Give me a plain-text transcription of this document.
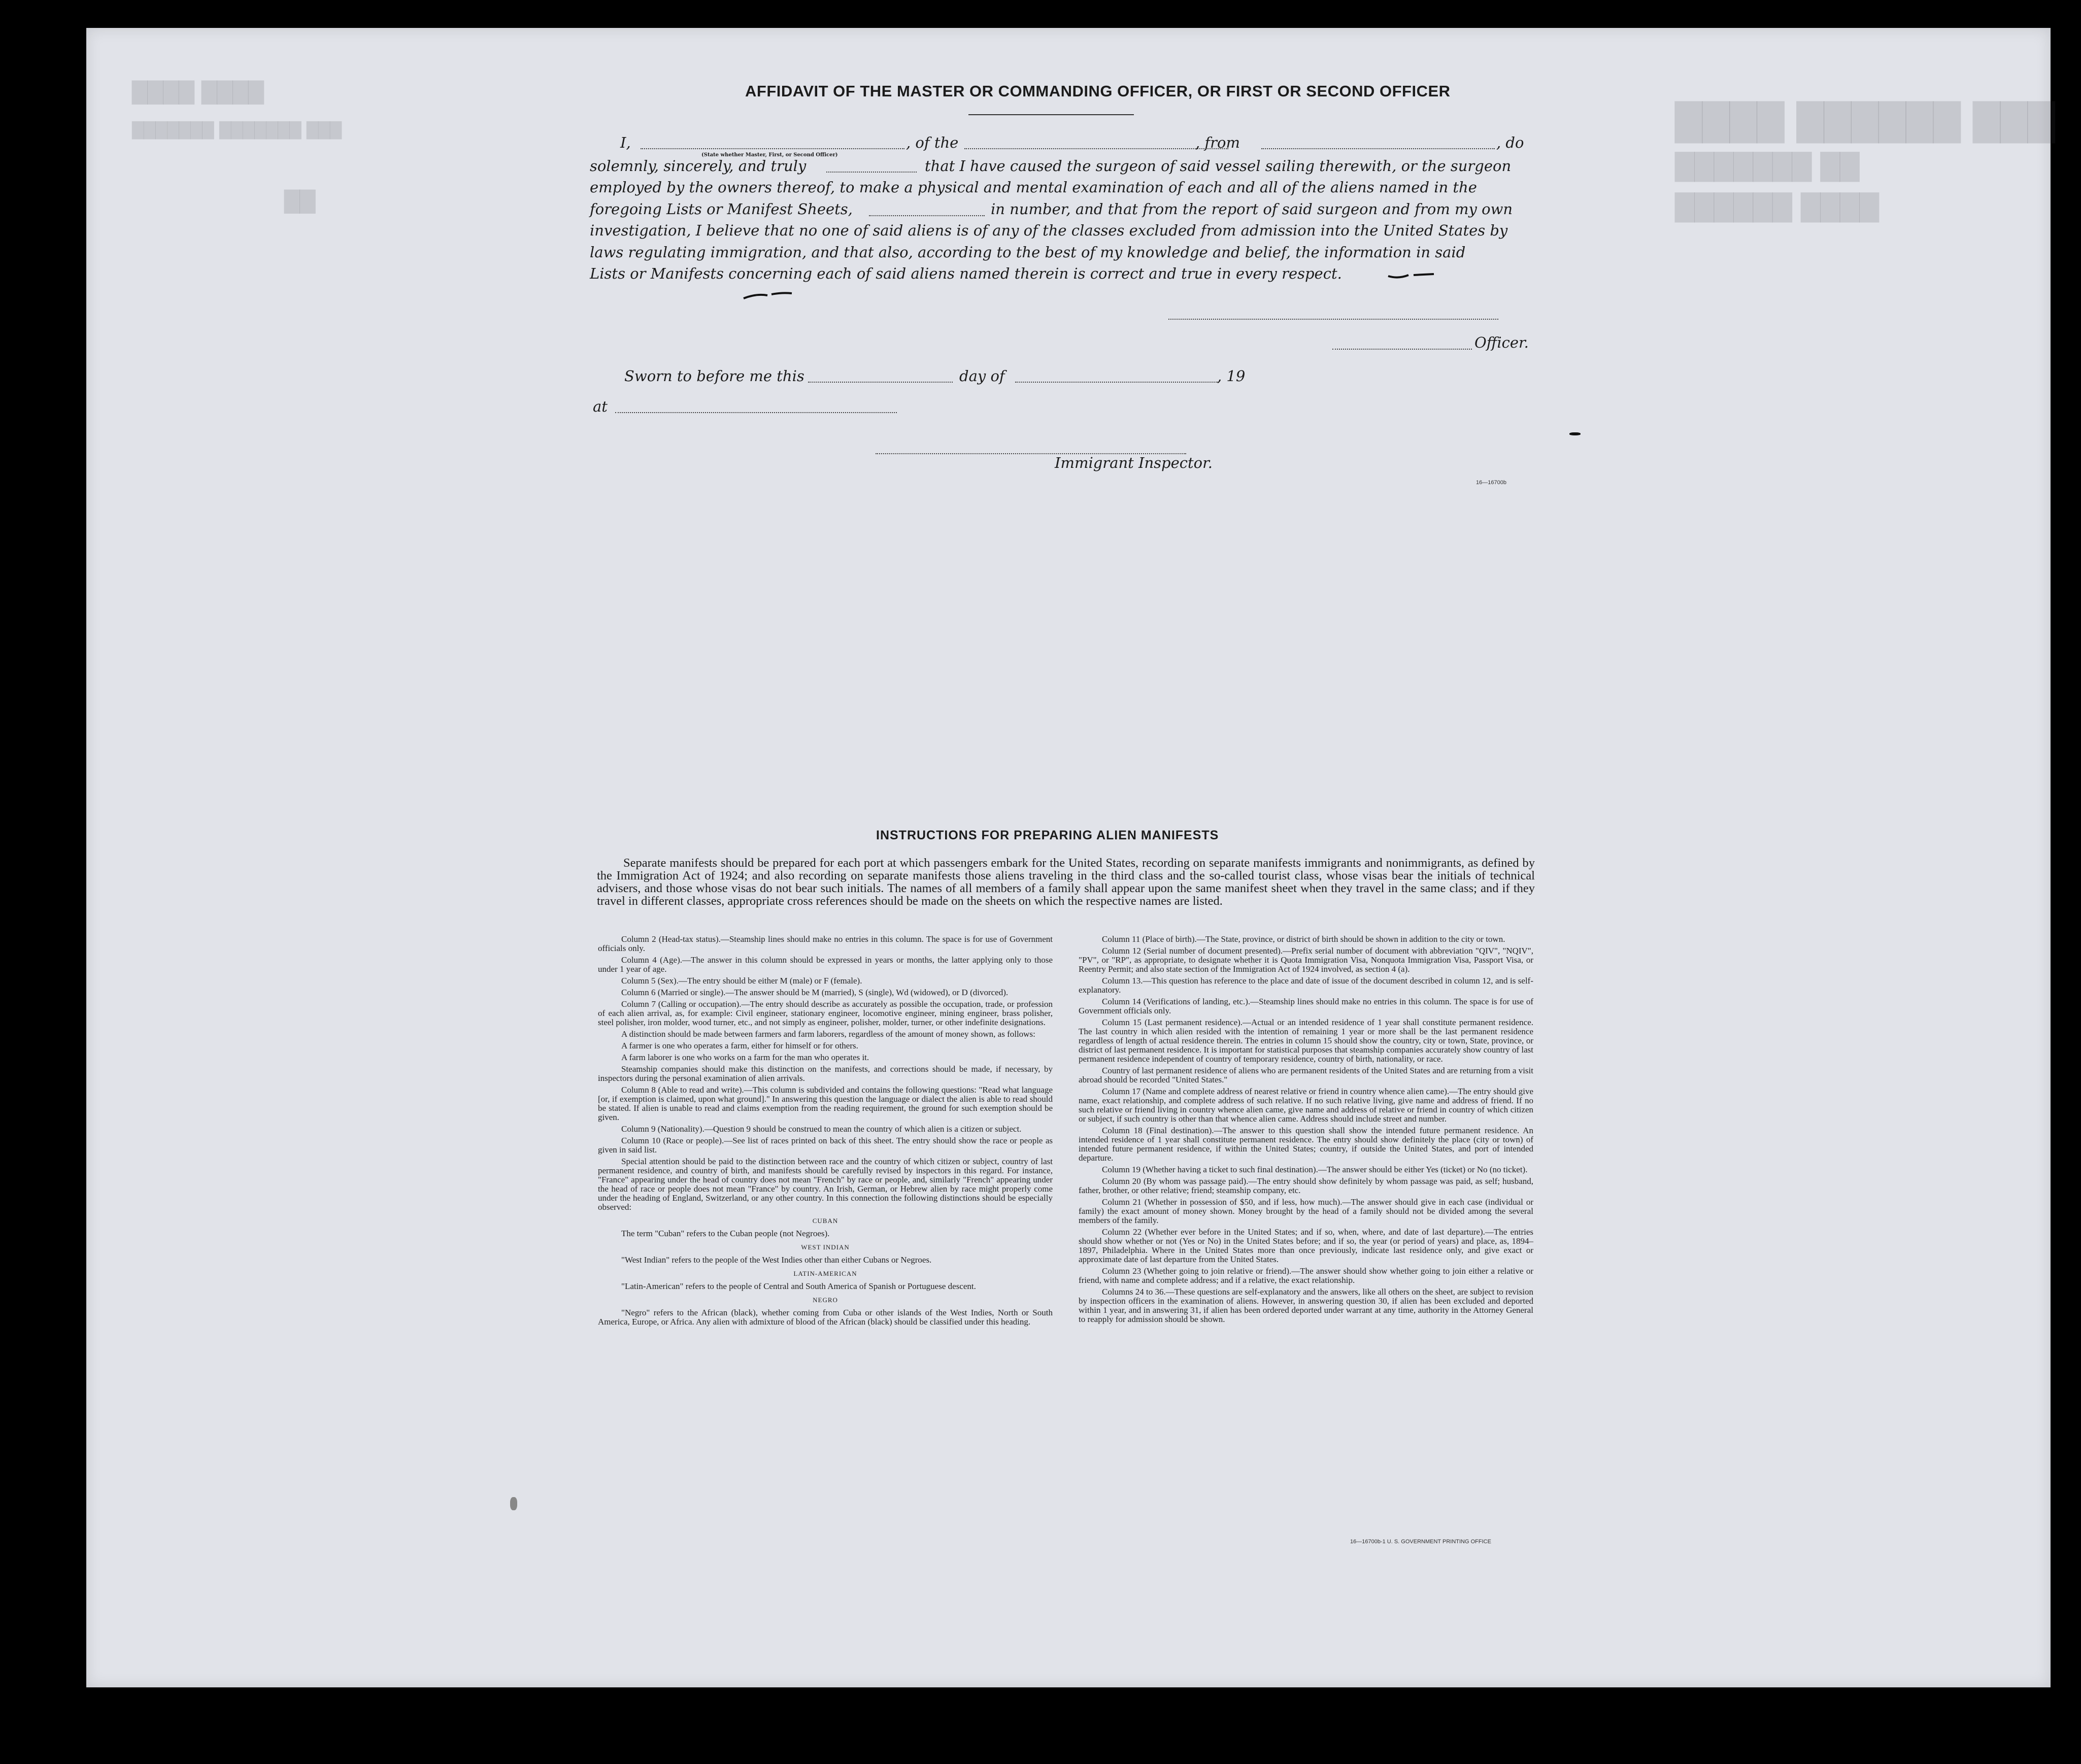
████ ██████ ███
███████ ██
██████ ████
████ ████
███████ ███████ ███
██
AFFIDAVIT OF THE MASTER OR COMMANDING OFFICER, OR FIRST OR SECOND OFFICER
I,	, of the	, from	, do
(State whether Master, First, or Second Officer)
solemnly, sincerely, and truly	that I have caused the surgeon of said vessel sailing therewith, or the surgeon
employed by the owners thereof, to make a physical and mental examination of each and all of the aliens named in the
foregoing Lists or Manifest Sheets,	in number, and that from the report of said surgeon and from my own
investigation, I believe that no one of said aliens is of any of the classes excluded from admission into the United States by
laws regulating immigration, and that also, according to the best of my knowledge and belief, the information in said
Lists or Manifests concerning each of said aliens named therein is correct and true in every respect.
Officer.
Sworn to before me this	day of	, 19
at
Immigrant Inspector.
16—16700b
INSTRUCTIONS FOR PREPARING ALIEN MANIFESTS

Separate manifests should be prepared for each port at which passengers embark for the United States, recording on separate manifests immigrants and nonimmigrants, as defined by the Immigration Act of 1924; and also recording on separate manifests those aliens traveling in the third class and the so-called tourist class, whose visas bear the initials of technical advisers, and those whose visas do not bear such initials. The names of all members of a family shall appear upon the same manifest sheet when they travel in the same class; and if they travel in different classes, appropriate cross references should be made on the sheets on which the respective names are listed.

Column 2 (Head-tax status).—Steamship lines should make no entries in this column. The space is for use of Government officials only.

Column 4 (Age).—The answer in this column should be expressed in years or months, the latter applying only to those under 1 year of age.

Column 5 (Sex).—The entry should be either M (male) or F (female).

Column 6 (Married or single).—The answer should be M (married), S (single), Wd (widowed), or D (divorced).

Column 7 (Calling or occupation).—The entry should describe as accurately as possible the occupation, trade, or profession of each alien arrival, as, for example: Civil engineer, stationary engineer, locomotive engineer, mining engineer, brass polisher, steel polisher, iron molder, wood turner, etc., and not simply as engineer, polisher, molder, turner, or other indefinite designations.

A distinction should be made between farmers and farm laborers, regardless of the amount of money shown, as follows:

A farmer is one who operates a farm, either for himself or for others.

A farm laborer is one who works on a farm for the man who operates it.

Steamship companies should make this distinction on the manifests, and corrections should be made, if necessary, by inspectors during the personal examination of alien arrivals.

Column 8 (Able to read and write).—This column is subdivided and contains the following questions: "Read what language [or, if exemption is claimed, upon what ground]." In answering this question the language or dialect the alien is able to read should be stated. If alien is unable to read and claims exemption from the reading requirement, the ground for such exemption should be given.

Column 9 (Nationality).—Question 9 should be construed to mean the country of which alien is a citizen or subject.

Column 10 (Race or people).—See list of races printed on back of this sheet. The entry should show the race or people as given in said list.

Special attention should be paid to the distinction between race and the country of which citizen or subject, country of last permanent residence, and country of birth, and manifests should be carefully revised by inspectors in this regard. For instance, "France" appearing under the head of country does not mean "French" by race or people, and, similarly "French" appearing under the head of race or people does not mean "France" by country. An Irish, German, or Hebrew alien by race might properly come under the heading of England, Switzerland, or any other country. In this connection the following distinctions should be especially observed:

CUBAN

The term "Cuban" refers to the Cuban people (not Negroes).

WEST INDIAN

"West Indian" refers to the people of the West Indies other than either Cubans or Negroes.

LATIN-AMERICAN

"Latin-American" refers to the people of Central and South America of Spanish or Portuguese descent.

NEGRO

"Negro" refers to the African (black), whether coming from Cuba or other islands of the West Indies, North or South America, Europe, or Africa. Any alien with admixture of blood of the African (black) should be classified under this heading.

Column 11 (Place of birth).—The State, province, or district of birth should be shown in addition to the city or town.

Column 12 (Serial number of document presented).—Prefix serial number of document with abbreviation "QIV", "NQIV", "PV", or "RP", as appropriate, to designate whether it is Quota Immigration Visa, Nonquota Immigration Visa, Passport Visa, or Reentry Permit; and also state section of the Immigration Act of 1924 involved, as section 4 (a).

Column 13.—This question has reference to the place and date of issue of the document described in column 12, and is self-explanatory.

Column 14 (Verifications of landing, etc.).—Steamship lines should make no entries in this column. The space is for use of Government officials only.

Column 15 (Last permanent residence).—Actual or an intended residence of 1 year shall constitute permanent residence. The last country in which alien resided with the intention of remaining 1 year or more shall be the last permanent residence regardless of length of actual residence therein. The entries in column 15 should show the country, city or town, State, province, or district of last permanent residence. It is important for statistical purposes that steamship companies accurately show country of last permanent residence independent of country of temporary residence, country of birth, nationality, or race.

Country of last permanent residence of aliens who are permanent residents of the United States and are returning from a visit abroad should be recorded "United States."

Column 17 (Name and complete address of nearest relative or friend in country whence alien came).—The entry should give name, exact relationship, and complete address of such relative. If no such relative living, give name and address of friend. If no such relative or friend living in country whence alien came, give name and address of relative or friend in country of which citizen or subject, if such country is other than that whence alien came. Address should include street and number.

Column 18 (Final destination).—The answer to this question shall show the intended future permanent residence. An intended residence of 1 year shall constitute permanent residence. The entry should show definitely the place (city or town) of intended future permanent residence, if within the United States; country, if outside the United States, and port of intended departure.

Column 19 (Whether having a ticket to such final destination).—The answer should be either Yes (ticket) or No (no ticket).

Column 20 (By whom was passage paid).—The entry should show definitely by whom passage was paid, as self; husband, father, brother, or other relative; friend; steamship company, etc.

Column 21 (Whether in possession of $50, and if less, how much).—The answer should give in each case (individual or family) the exact amount of money shown. Money brought by the head of a family should not be divided among the several members of the family.

Column 22 (Whether ever before in the United States; and if so, when, where, and date of last departure).—The entries should show whether or not (Yes or No) in the United States before; and if so, the year (or period of years) and place, as, 1894–1897, Philadelphia. Where in the United States more than once previously, indicate last residence only, and give exact or approximate date of last departure from the United States.

Column 23 (Whether going to join relative or friend).—The answer should show whether going to join either a relative or friend, with name and complete address; and if a relative, the exact relationship.

Columns 24 to 36.—These questions are self-explanatory and the answers, like all others on the sheet, are subject to revision by inspection officers in the examination of aliens. However, in answering question 30, if alien has been excluded and deported within 1 year, and in answering 31, if alien has been ordered deported under warrant at any time, authority in the Attorney General to reapply for admission should be shown.

16—16700b-1 U. S. GOVERNMENT PRINTING OFFICE
